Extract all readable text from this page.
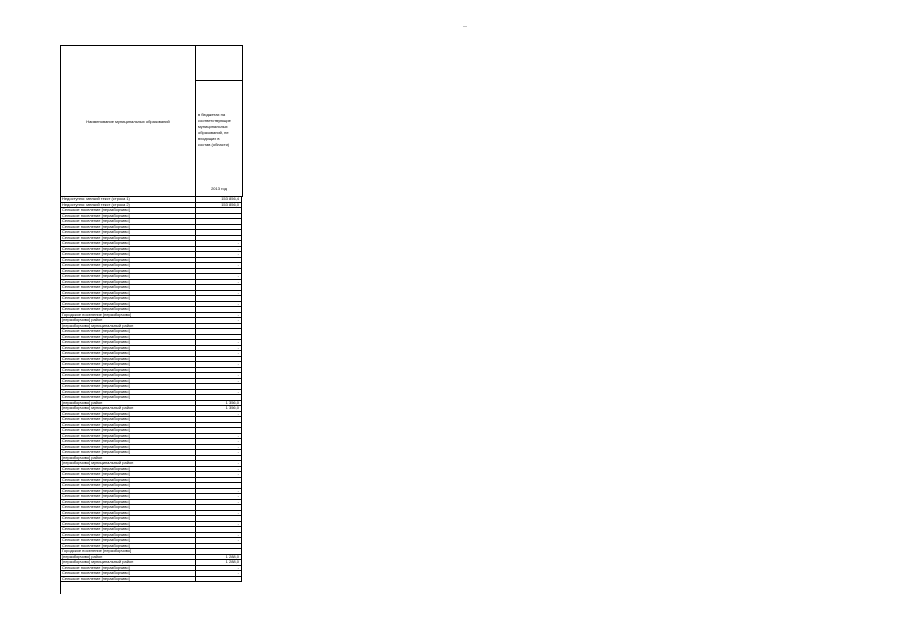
—
Наименование муниципальных образований
в бюджетах на
соответствующие
муниципальных
образований, не
входящих в
состав (области)
2013 год
Недоступно: мелкий текст (строка 1)	153 856,4
Недоступно: мелкий текст (строка 2)	153 856,0
Сельское поселение [неразборчиво]
Сельское поселение [неразборчиво]
Сельское поселение [неразборчиво]
Сельское поселение [неразборчиво]
Сельское поселение [неразборчиво]
Сельское поселение [неразборчиво]
Сельское поселение [неразборчиво]	-
Сельское поселение [неразборчиво]	-
Сельское поселение [неразборчиво]	-
Сельское поселение [неразборчиво]
Сельское поселение [неразборчиво]	-
Сельское поселение [неразборчиво]
Сельское поселение [неразборчиво]	-
Сельское поселение [неразборчиво]	-
Сельское поселение [неразборчиво]
Сельское поселение [неразборчиво]	-
Сельское поселение [неразборчиво]
Сельское поселение [неразборчиво]	-
Сельское поселение [неразборчиво]
Городское поселение [неразборчиво]	-
[неразборчиво] район	-
[неразборчиво] муниципальный район
Сельское поселение [неразборчиво]
Сельское поселение [неразборчиво]
Сельское поселение [неразборчиво]	-
Сельское поселение [неразборчиво]	-
Сельское поселение [неразборчиво]	-
Сельское поселение [неразборчиво]
Сельское поселение [неразборчиво]	-
Сельское поселение [неразборчиво]
Сельское поселение [неразборчиво]	-
Сельское поселение [неразборчиво]	-
Сельское поселение [неразборчиво]
Сельское поселение [неразборчиво]	-
Сельское поселение [неразборчиво]
[неразборчиво] район	1 356,0
[неразборчиво] муниципальный район	1 356,0
Сельское поселение [неразборчиво]	-
Сельское поселение [неразборчиво]
Сельское поселение [неразборчиво]
Сельское поселение [неразборчиво]
Сельское поселение [неразборчиво]	-
Сельское поселение [неразборчиво]	-
Сельское поселение [неразборчиво]	-
Сельское поселение [неразборчиво]	-
[неразборчиво] район
[неразборчиво] муниципальный район	-
Сельское поселение [неразборчиво]	-
Сельское поселение [неразборчиво]	-
Сельское поселение [неразборчиво]
Сельское поселение [неразборчиво]
Сельское поселение [неразборчиво]	-
Сельское поселение [неразборчиво]	-
Сельское поселение [неразборчиво]	-
Сельское поселение [неразборчиво]
Сельское поселение [неразборчиво]	-
Сельское поселение [неразборчиво]
Сельское поселение [неразборчиво]	-
Сельское поселение [неразборчиво]
Сельское поселение [неразборчиво]	-
Сельское поселение [неразборчиво]	-
Сельское поселение [неразборчиво]
Городское поселение [неразборчиво]
[неразборчиво] район	1 288,0
[неразборчиво] муниципальный район	1 288,0
Сельское поселение [неразборчиво]	-
Сельское поселение [неразборчиво]	-
Сельское поселение [неразборчиво]
